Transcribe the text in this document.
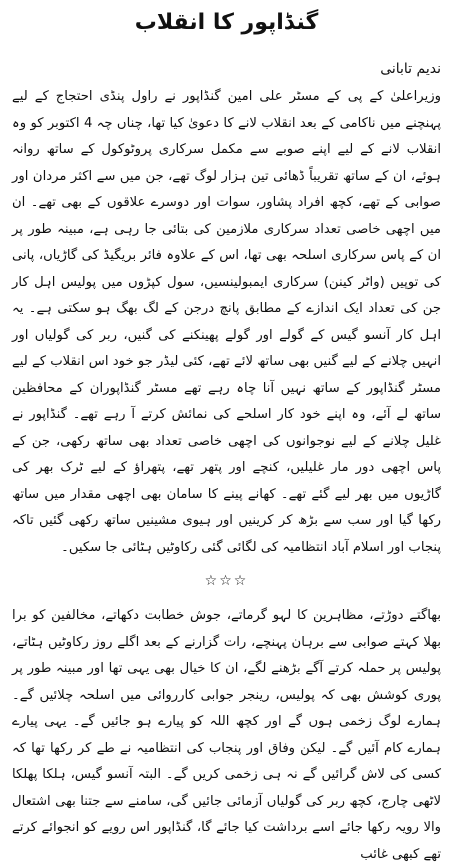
گنڈاپور کا انقلاب
ندیم تابانی

وزیراعلیٰ کے پی کے مسٹر علی امین گنڈاپور نے راول پنڈی احتجاج کے لیے پہنچنے میں ناکامی کے بعد انقلاب لانے کا دعویٰ کیا تھا، چناں چہ 4 اکتوبر کو وہ انقلاب لانے کے لیے اپنے صوبے سے مکمل سرکاری پروٹوکول کے ساتھ روانہ ہوئے، ان کے ساتھ تقریباً ڈھائی تین ہزار لوگ تھے، جن میں سے اکثر مردان اور صوابی کے تھے، کچھ افراد پشاور، سوات اور دوسرے علاقوں کے بھی تھے۔ ان میں اچھی خاصی تعداد سرکاری ملازمین کی بتائی جا رہی ہے، مبینہ طور پر ان کے پاس سرکاری اسلحہ بھی تھا، اس کے علاوہ فائر بریگیڈ کی گاڑیاں، پانی کی توپیں (واٹر کینن) سرکاری ایمبولینسیں، سول کپڑوں میں پولیس اہل کار جن کی تعداد ایک اندازے کے مطابق پانچ درجن کے لگ بھگ ہو سکتی ہے۔ یہ اہل کار آنسو گیس کے گولے اور گولے پھینکنے کی گنیں، ربر کی گولیاں اور انہیں چلانے کے لیے گنیں بھی ساتھ لائے تھے، کئی لیڈر جو خود اس انقلاب کے لیے مسٹر گنڈاپور کے ساتھ نہیں آنا چاہ رہے تھے مسٹر گنڈاپوران کے محافظین ساتھ لے آئے، وہ اپنے خود کار اسلحے کی نمائش کرتے آ رہے تھے۔ گنڈاپور نے غلیل چلانے کے لیے نوجوانوں کی اچھی خاصی تعداد بھی ساتھ رکھی، جن کے پاس اچھی دور مار غلیلیں، کنچے اور پتھر تھے، پتھراؤ کے لیے ٹرک بھر کی گاڑیوں میں بھر لیے گئے تھے۔ کھانے پینے کا سامان بھی اچھی مقدار میں ساتھ رکھا گیا اور سب سے بڑھ کر کرینیں اور ہیوی مشینیں ساتھ رکھی گئیں تاکہ پنجاب اور اسلام آباد انتظامیہ کی لگائی گئی رکاوٹیں ہٹائی جا سکیں۔

☆☆☆

بھاگتے دوڑتے، مظاہرین کا لہو گرماتے، جوش خطابت دکھاتے، مخالفین کو برا بھلا کہتے صوابی سے برہان پہنچے، رات گزارنے کے بعد اگلے روز رکاوٹیں ہٹاتے، پولیس پر حملہ کرتے آگے بڑھنے لگے، ان کا خیال بھی یہی تھا اور مبینہ طور پر پوری کوشش بھی کہ پولیس، رینجر جوابی کارروائی میں اسلحہ چلائیں گے۔ ہمارے لوگ زخمی ہوں گے اور کچھ اللہ کو پیارے ہو جائیں گے۔ یہی پیارے ہمارے کام آئیں گے۔ لیکن وفاق اور پنجاب کی انتظامیہ نے طے کر رکھا تھا کہ کسی کی لاش گرائیں گے نہ ہی زخمی کریں گے۔ البتہ آنسو گیس، ہلکا پھلکا لاٹھی چارج، کچھ ربر کی گولیاں آزمائی جائیں گی، سامنے سے جتنا بھی اشتعال والا رویہ رکھا جائے اسے برداشت کیا جائے گا، گنڈاپور اس رویے کو انجوائے کرتے تھے کبھی غائب
